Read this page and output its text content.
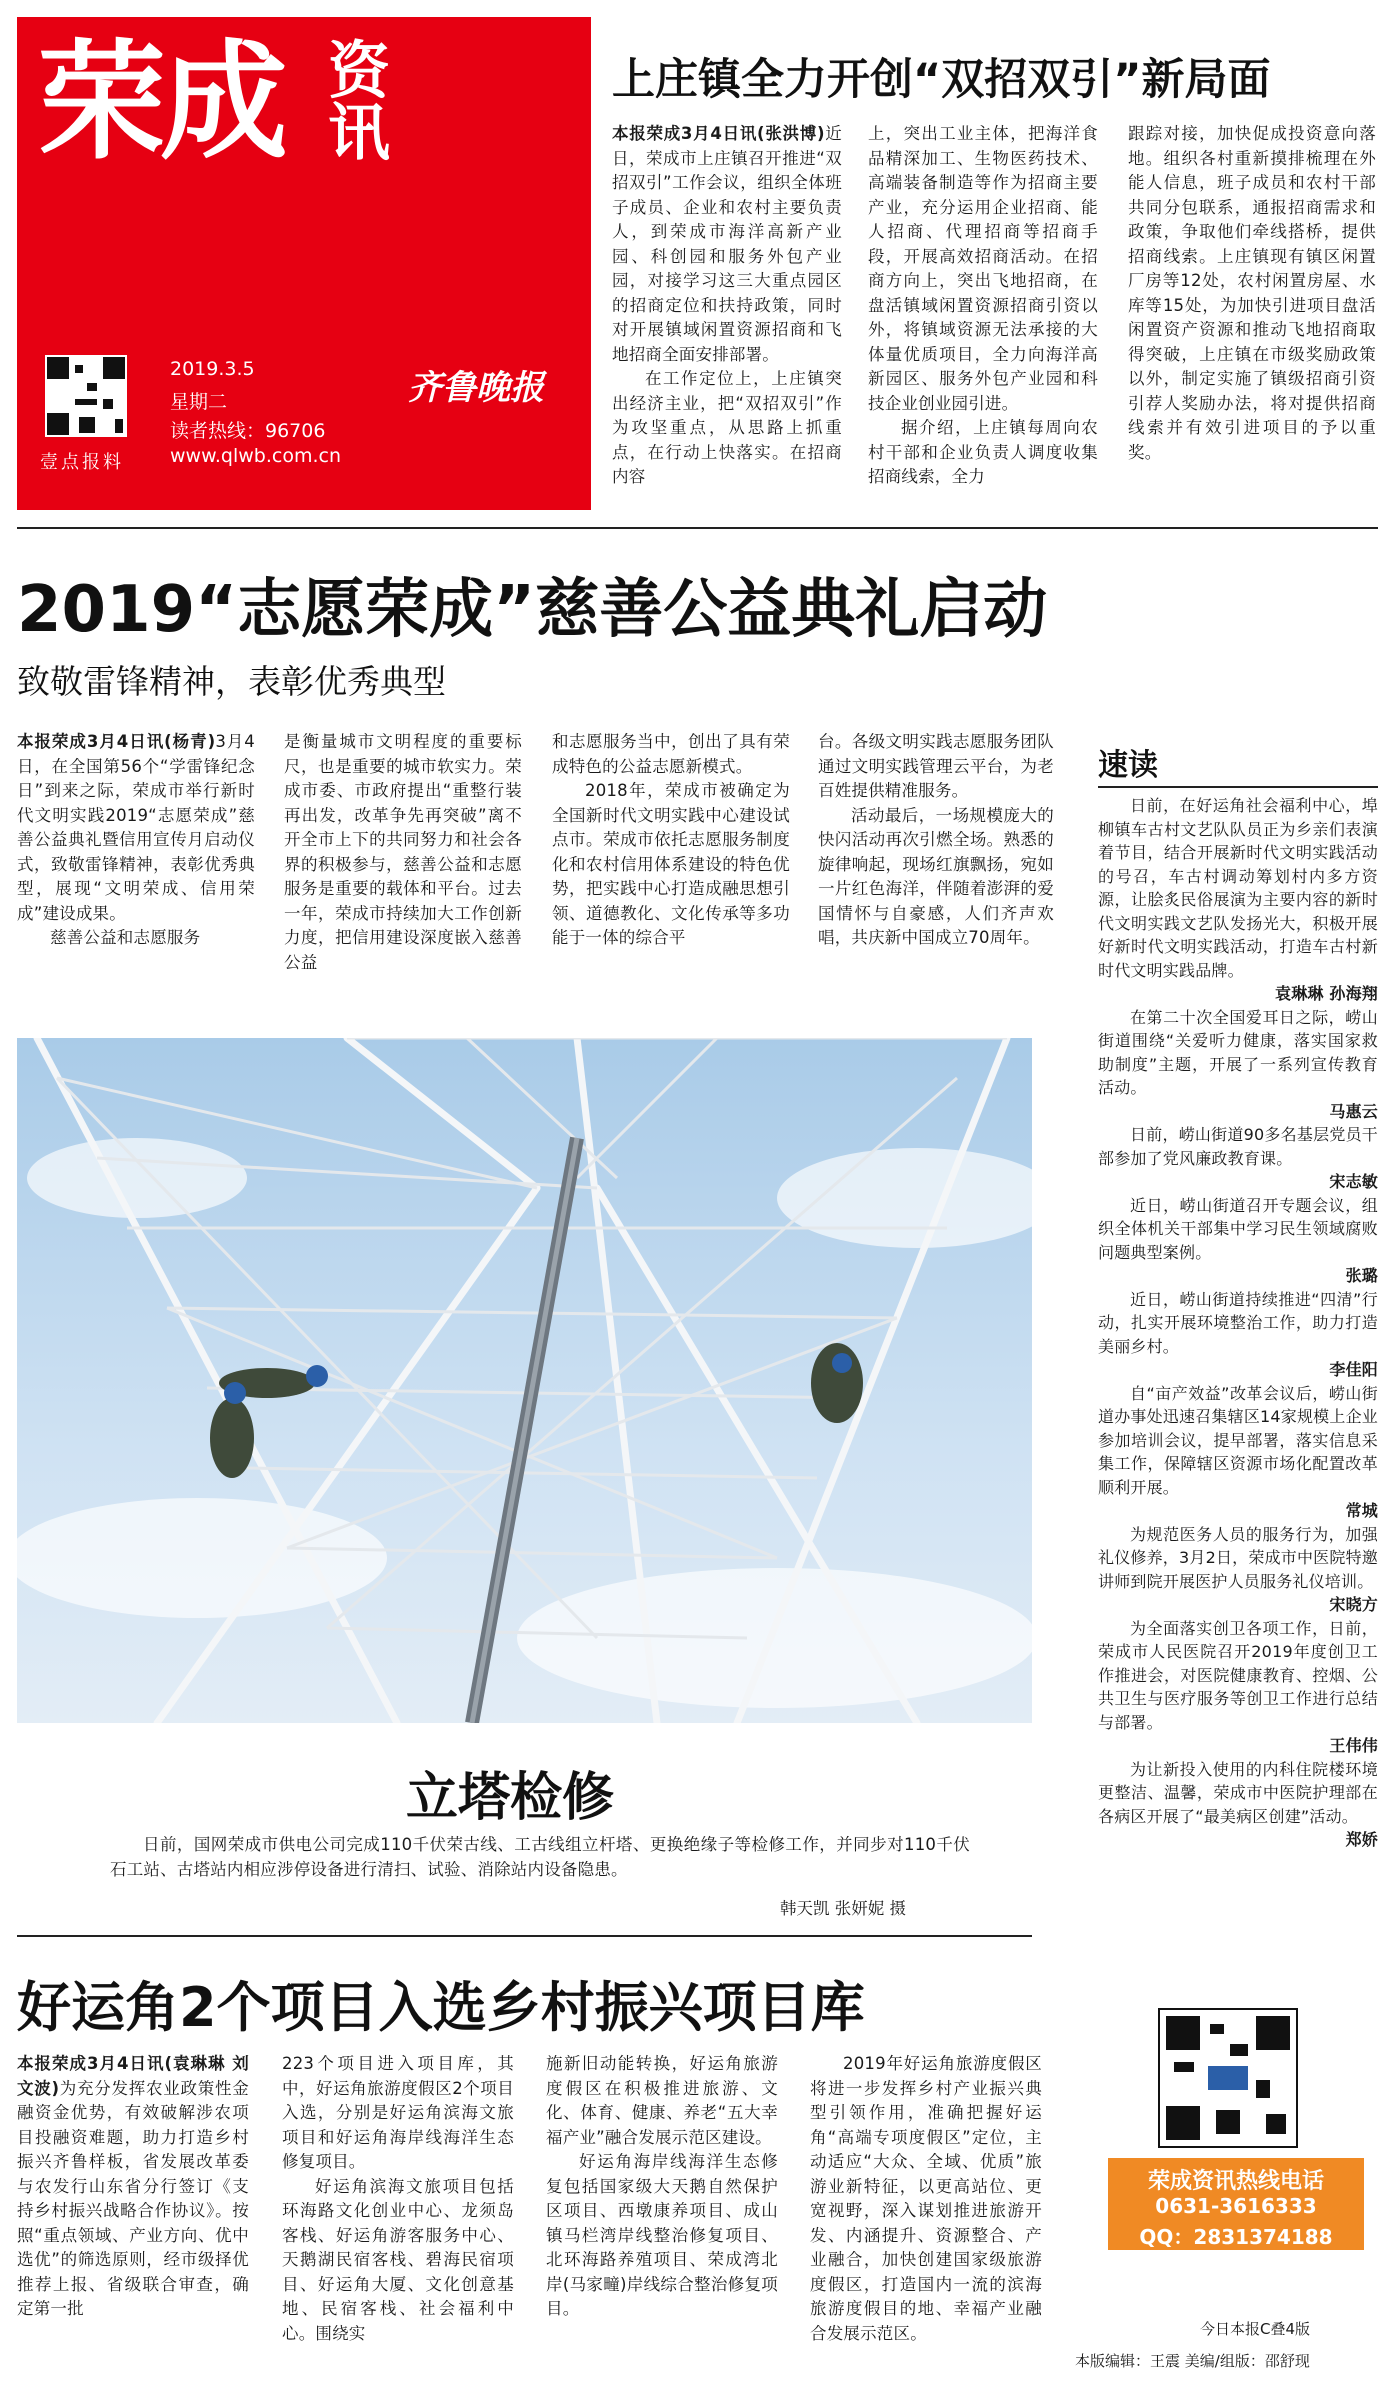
荣成 资讯
壹点报料
2019.3.5
星期二
读者热线：96706
www.qlwb.com.cn
齐鲁晚报
上庄镇全力开创“双招双引”新局面

本报荣成3月4日讯(张洪博)近日，荣成市上庄镇召开推进“双招双引”工作会议，组织全体班子成员、企业和农村主要负责人，到荣成市海洋高新产业园、科创园和服务外包产业园，对接学习这三大重点园区的招商定位和扶持政策，同时对开展镇域闲置资源招商和飞地招商全面安排部署。

在工作定位上，上庄镇突出经济主业，把“双招双引”作为攻坚重点，从思路上抓重点，在行动上快落实。在招商内容

上，突出工业主体，把海洋食品精深加工、生物医药技术、高端装备制造等作为招商主要产业，充分运用企业招商、能人招商、代理招商等招商手段，开展高效招商活动。在招商方向上，突出飞地招商，在盘活镇域闲置资源招商引资以外，将镇域资源无法承接的大体量优质项目，全力向海洋高新园区、服务外包产业园和科技企业创业园引进。

据介绍，上庄镇每周向农村干部和企业负责人调度收集招商线索，全力

跟踪对接，加快促成投资意向落地。组织各村重新摸排梳理在外能人信息，班子成员和农村干部共同分包联系，通报招商需求和政策，争取他们牵线搭桥，提供招商线索。上庄镇现有镇区闲置厂房等12处，农村闲置房屋、水库等15处，为加快引进项目盘活闲置资产资源和推动飞地招商取得突破，上庄镇在市级奖励政策以外，制定实施了镇级招商引资引荐人奖励办法，将对提供招商线索并有效引进项目的予以重奖。

2019“志愿荣成”慈善公益典礼启动
致敬雷锋精神，表彰优秀典型

本报荣成3月4日讯(杨青)3月4日，在全国第56个“学雷锋纪念日”到来之际，荣成市举行新时代文明实践2019“志愿荣成”慈善公益典礼暨信用宣传月启动仪式，致敬雷锋精神，表彰优秀典型，展现“文明荣成、信用荣成”建设成果。

慈善公益和志愿服务

是衡量城市文明程度的重要标尺，也是重要的城市软实力。荣成市委、市政府提出“重整行装再出发，改革争先再突破”离不开全市上下的共同努力和社会各界的积极参与，慈善公益和志愿服务是重要的载体和平台。过去一年，荣成市持续加大工作创新力度，把信用建设深度嵌入慈善公益

和志愿服务当中，创出了具有荣成特色的公益志愿新模式。

2018年，荣成市被确定为全国新时代文明实践中心建设试点市。荣成市依托志愿服务制度化和农村信用体系建设的特色优势，把实践中心打造成融思想引领、道德教化、文化传承等多功能于一体的综合平

台。各级文明实践志愿服务团队通过文明实践管理云平台，为老百姓提供精准服务。

活动最后，一场规模庞大的快闪活动再次引燃全场。熟悉的旋律响起，现场红旗飘扬，宛如一片红色海洋，伴随着澎湃的爱国情怀与自豪感，人们齐声欢唱，共庆新中国成立70周年。

立塔检修
日前，国网荣成市供电公司完成110千伏荣古线、工古线组立杆塔、更换绝缘子等检修工作，并同步对110千伏石工站、古塔站内相应涉停设备进行清扫、试验、消除站内设备隐患。
韩天凯 张妍妮 摄
速读

日前，在好运角社会福利中心，埠柳镇车古村文艺队队员正为乡亲们表演着节目，结合开展新时代文明实践活动的号召，车古村调动筹划村内多方资源，让脍炙民俗展演为主要内容的新时代文明实践文艺队发扬光大，积极开展好新时代文明实践活动，打造车古村新时代文明实践品牌。

袁琳琳 孙海翔

在第二十次全国爱耳日之际，崂山街道围绕“关爱听力健康，落实国家救助制度”主题，开展了一系列宣传教育活动。

马惠云

日前，崂山街道90多名基层党员干部参加了党风廉政教育课。

宋志敏

近日，崂山街道召开专题会议，组织全体机关干部集中学习民生领域腐败问题典型案例。

张璐

近日，崂山街道持续推进“四清”行动，扎实开展环境整治工作，助力打造美丽乡村。

李佳阳

自“亩产效益”改革会议后，崂山街道办事处迅速召集辖区14家规模上企业参加培训会议，提早部署，落实信息采集工作，保障辖区资源市场化配置改革顺利开展。

常城

为规范医务人员的服务行为，加强礼仪修养，3月2日，荣成市中医院特邀讲师到院开展医护人员服务礼仪培训。

宋晓方

为全面落实创卫各项工作，日前，荣成市人民医院召开2019年度创卫工作推进会，对医院健康教育、控烟、公共卫生与医疗服务等创卫工作进行总结与部署。

王伟伟

为让新投入使用的内科住院楼环境更整洁、温馨，荣成市中医院护理部在各病区开展了“最美病区创建”活动。

郑娇
好运角2个项目入选乡村振兴项目库

本报荣成3月4日讯(袁琳琳 刘文波)为充分发挥农业政策性金融资金优势，有效破解涉农项目投融资难题，助力打造乡村振兴齐鲁样板，省发展改革委与农发行山东省分行签订《支持乡村振兴战略合作协议》。按照“重点领域、产业方向、优中选优”的筛选原则，经市级择优推荐上报、省级联合审查，确定第一批

223个项目进入项目库，其中，好运角旅游度假区2个项目入选，分别是好运角滨海文旅项目和好运角海岸线海洋生态修复项目。

好运角滨海文旅项目包括环海路文化创业中心、龙须岛客栈、好运角游客服务中心、天鹅湖民宿客栈、碧海民宿项目、好运角大厦、文化创意基地、民宿客栈、社会福利中心。围绕实

施新旧动能转换，好运角旅游度假区在积极推进旅游、文化、体育、健康、养老“五大幸福产业”融合发展示范区建设。

好运角海岸线海洋生态修复包括国家级大天鹅自然保护区项目、西墩康养项目、成山镇马栏湾岸线整治修复项目、北环海路养殖项目、荣成湾北岸(马家疃)岸线综合整治修复项目。

2019年好运角旅游度假区将进一步发挥乡村产业振兴典型引领作用，准确把握好运角“高端专项度假区”定位，主动适应“大众、全域、优质”旅游业新特征，以更高站位、更宽视野，深入谋划推进旅游开发、内涵提升、资源整合、产业融合，加快创建国家级旅游度假区，打造国内一流的滨海旅游度假目的地、幸福产业融合发展示范区。

荣成资讯热线电话
0631-3616333
QQ：2831374188
今日本报C叠4版
本版编辑：王震 美编/组版：邵舒现
